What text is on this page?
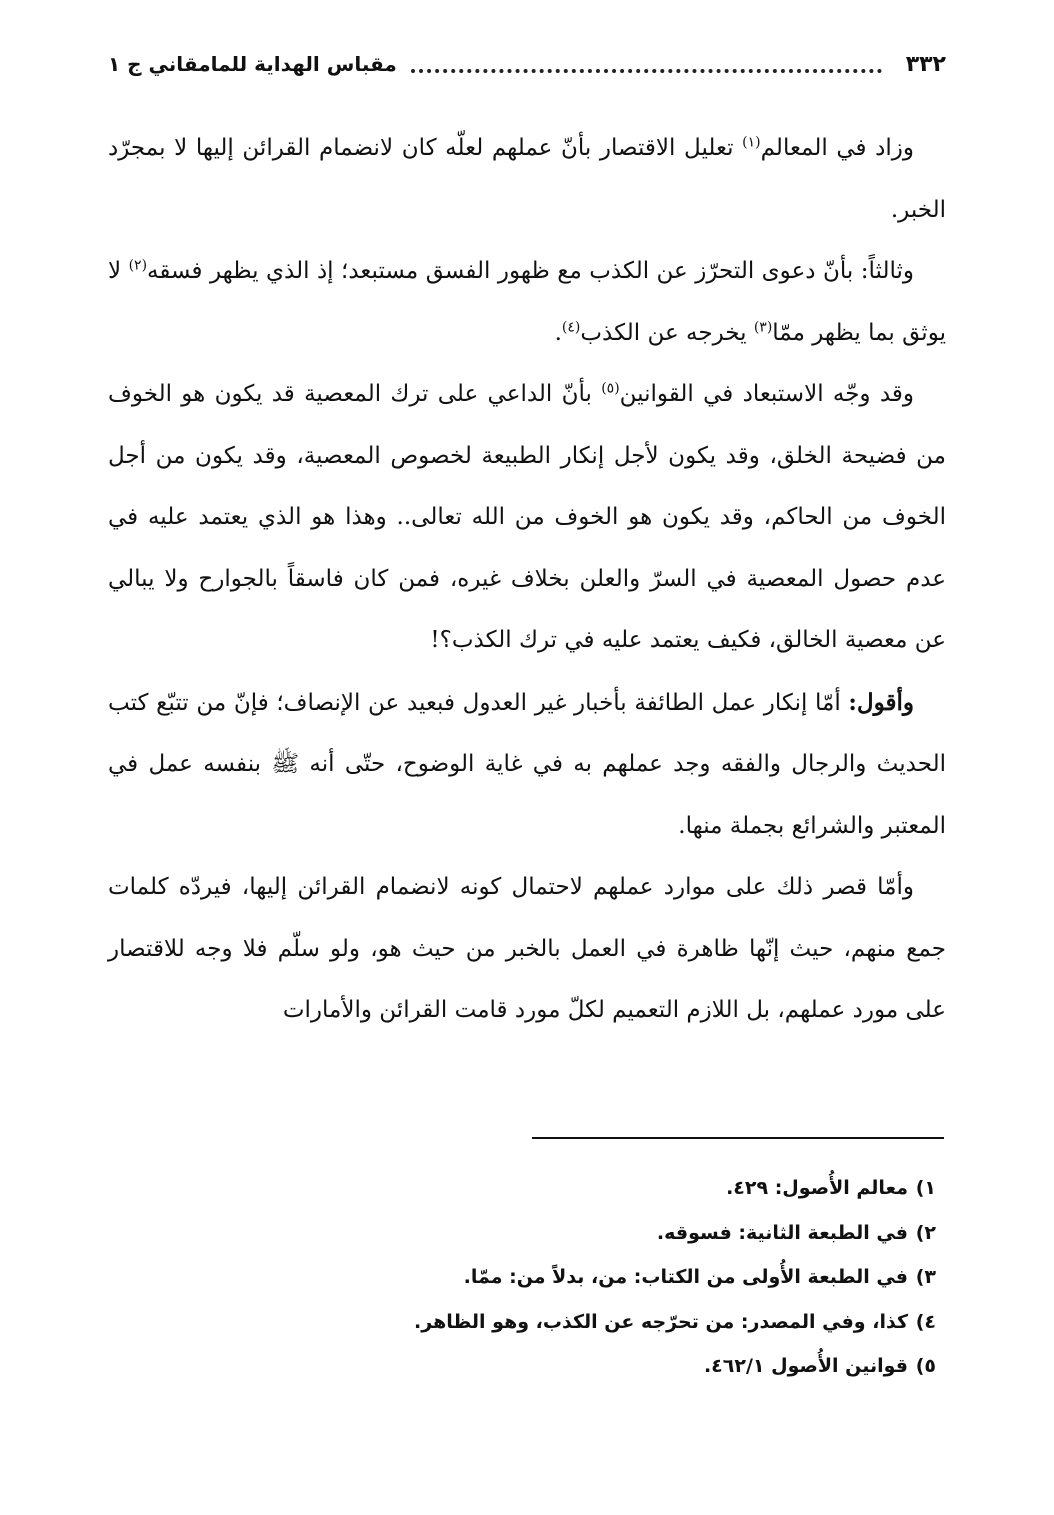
٣٣٢
مقباس الهداية للمامقاني ج ١

وزاد في المعالم$^{(١)}$ تعليل الاقتصار بأنّ عملهم لعلّه كان لانضمام القرائن إليها لا بمجرّد الخبر.

وثالثاً: بأنّ دعوى التحرّز عن الكذب مع ظهور الفسق مستبعد؛ إذ الذي يظهر فسقه$^{(٢)}$ لا يوثق بما يظهر ممّا$^{(٣)}$ يخرجه عن الكذب$^{(٤)}$.

وقد وجّه الاستبعاد في القوانين$^{(٥)}$ بأنّ الداعي على ترك المعصية قد يكون هو الخوف من فضيحة الخلق، وقد يكون لأجل إنكار الطبيعة لخصوص المعصية، وقد يكون من أجل الخوف من الحاكم، وقد يكون هو الخوف من الله تعالى.. وهذا هو الذي يعتمد عليه في عدم حصول المعصية في السرّ والعلن بخلاف غيره، فمن كان فاسقاً بالجوارح ولا يبالي عن معصية الخالق، فكيف يعتمد عليه في ترك الكذب؟!

وأقول: أمّا إنكار عمل الطائفة بأخبار غير العدول فبعيد عن الإنصاف؛ فإنّ من تتبّع كتب الحديث والرجال والفقه وجد عملهم به في غاية الوضوح، حتّى أنه ﷺ بنفسه عمل في المعتبر والشرائع بجملة منها.

وأمّا قصر ذلك على موارد عملهم لاحتمال كونه لانضمام القرائن إليها، فيردّه كلمات جمع منهم، حيث إنّها ظاهرة في العمل بالخبر من حيث هو، ولو سلّم فلا وجه للاقتصار على مورد عملهم، بل اللازم التعميم لكلّ مورد قامت القرائن والأمارات

١)
معالم الأُصول: ٤٢٩.
٢)
في الطبعة الثانية: فسوقه.
٣)
في الطبعة الأُولى من الكتاب: من، بدلاً من: ممّا.
٤)
كذا، وفي المصدر: من تحرّجه عن الكذب، وهو الظاهر.
٥)
قوانين الأُصول ٤٦٢/١.
